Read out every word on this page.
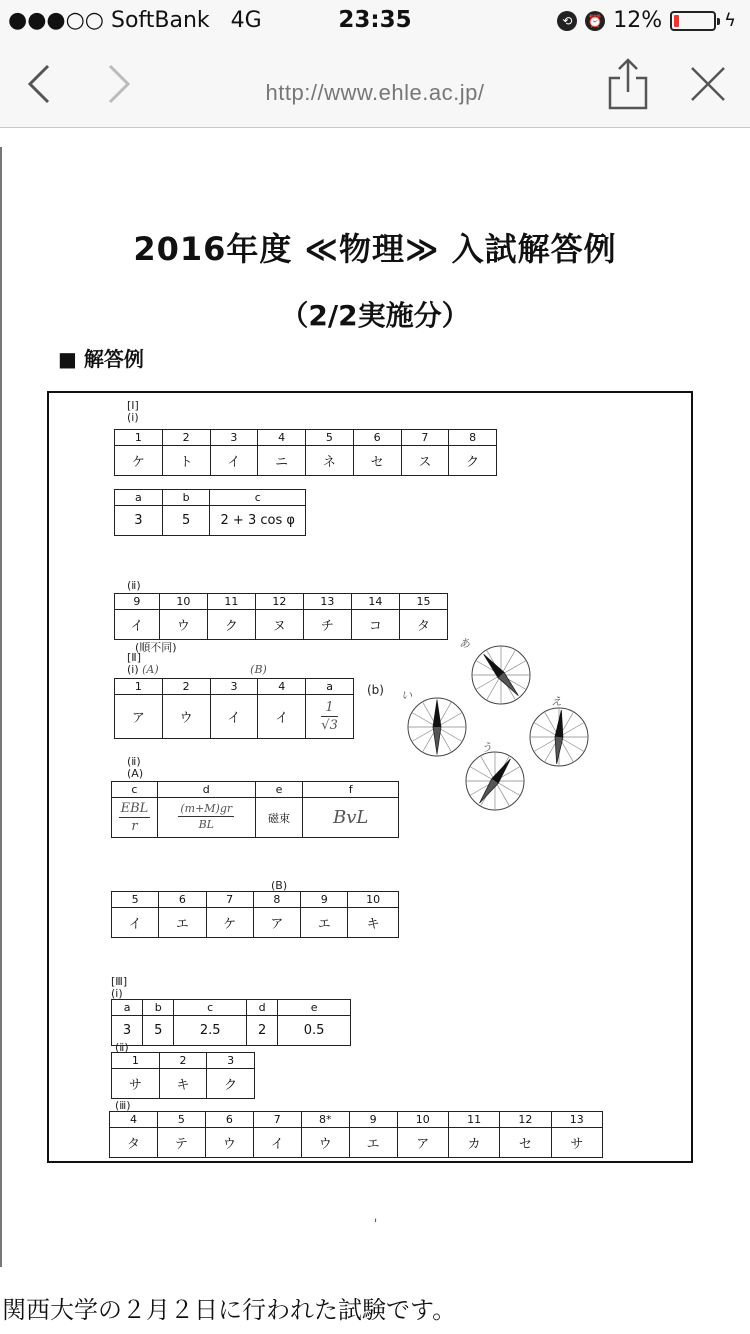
●●●○○ SoftBank 4G	23:35	⟲	⏰ 12%	ϟ
http://www.ehle.ac.jp/
2016年度 ≪物理≫ 入試解答例
（2/2実施分）
■ 解答例
[Ⅰ]
(ⅰ)
1	2	3	4	5	6	7	8
ケ	ト	イ	ニ	ネ	セ	ス	ク
a	b	c
3	5	2 + 3 cos φ
(ⅱ)
9	10	11	12	13	14	15
イ	ウ	ク	ヌ	チ	コ	タ
(順不同)
[Ⅱ]
(ⅰ) (A)	(B)
1	2	3	4	a
ア	ウ	イ	イ	$\frac{1}{√3}$
(b)
あ
い	え
う
(ⅱ)
(A)
c	d	e	f

$\frac{\text{EBL}}{r}$	$\frac{(m+M)gr}{BL}$	磁束	BvL
(B)
5	6	7	8	9	10
イ	エ	ケ	ア	エ	キ
[Ⅲ]
(ⅰ)
a	b	c	d	e
3	5	2.5	2	0.5
(ⅱ)
1	2	3
サ	キ	ク
(ⅲ)
4	5	6	7	8*	9	10	11	12	13
タ	テ	ウ	イ	ウ	エ	ア	カ	セ	サ
ˈ
関西大学の２月２日に行われた試験です。
